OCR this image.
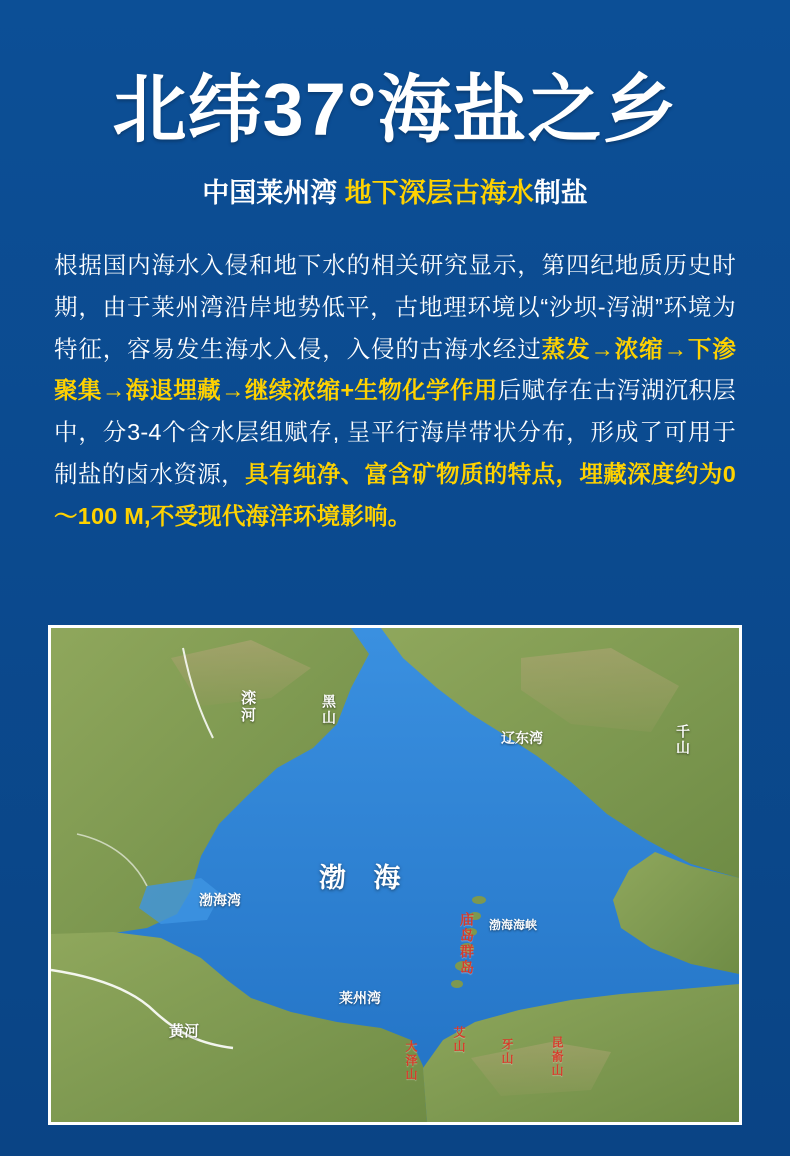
北纬37°海盐之乡
中国莱州湾 地下深层古海水制盐

根据国内海水入侵和地下水的相关研究显示，第四纪地质历史时期，由于莱州湾沿岸地势低平，古地理环境以“沙坝-泻湖”环境为特征，容易发生海水入侵，入侵的古海水经过蒸发→浓缩→下渗聚集→海退埋藏→继续浓缩+生物化学作用后赋存在古泻湖沉积层中，分3-4个含水层组赋存, 呈平行海岸带状分布，形成了可用于制盐的卤水资源，具有纯净、富含矿物质的特点，埋藏深度约为0～100 M,不受现代海洋环境影响。

渤 海
辽东湾
渤海湾
莱州湾
渤海海峡
滦河	黑山
千山
庙岛群岛
黄河	艾山
大泽山	牙山	昆嵛山
